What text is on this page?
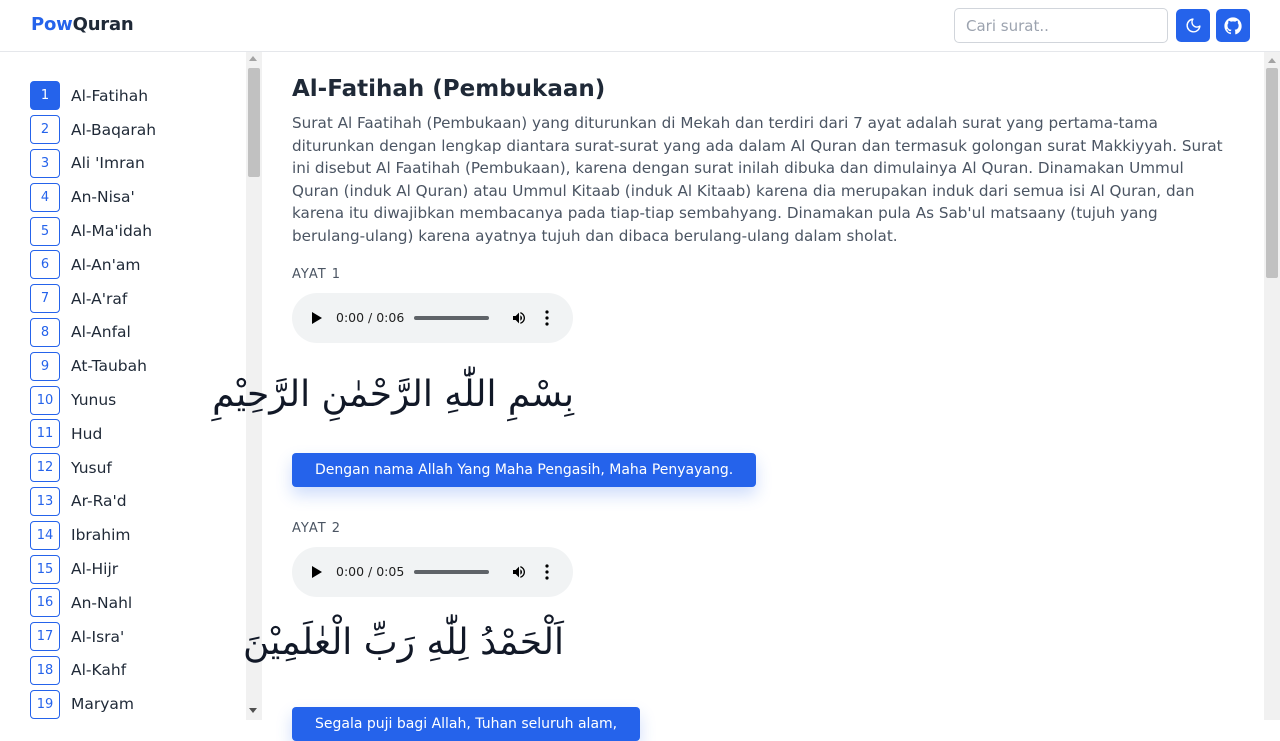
PowQuran
Cari surat..
1	Al-Fatihah
2	Al-Baqarah
3	Ali 'Imran
4	An-Nisa'
5	Al-Ma'idah
6	Al-An'am
7	Al-A'raf
8	Al-Anfal
9	At-Taubah
10	Yunus
11	Hud
12	Yusuf
13	Ar-Ra'd
14	Ibrahim
15	Al-Hijr
16	An-Nahl
17	Al-Isra'
18	Al-Kahf
19	Maryam
Al-Fatihah (Pembukaan)

Surat Al Faatihah (Pembukaan) yang diturunkan di Mekah dan terdiri dari 7 ayat adalah surat yang pertama-tama diturunkan dengan lengkap diantara surat-surat yang ada dalam Al Quran dan termasuk golongan surat Makkiyyah. Surat ini disebut Al Faatihah (Pembukaan), karena dengan surat inilah dibuka dan dimulainya Al Quran. Dinamakan Ummul Quran (induk Al Quran) atau Ummul Kitaab (induk Al Kitaab) karena dia merupakan induk dari semua isi Al Quran, dan karena itu diwajibkan membacanya pada tiap-tiap sembahyang. Dinamakan pula As Sab'ul matsaany (tujuh yang berulang-ulang) karena ayatnya tujuh dan dibaca berulang-ulang dalam sholat.

AYAT 1
0:00 / 0:06
بِسْمِ اللّٰهِ الرَّحْمٰنِ الرَّحِيْمِ
Dengan nama Allah Yang Maha Pengasih, Maha Penyayang.
AYAT 2
0:00 / 0:05
اَلْحَمْدُ لِلّٰهِ رَبِّ الْعٰلَمِيْنَ
Segala puji bagi Allah, Tuhan seluruh alam,
